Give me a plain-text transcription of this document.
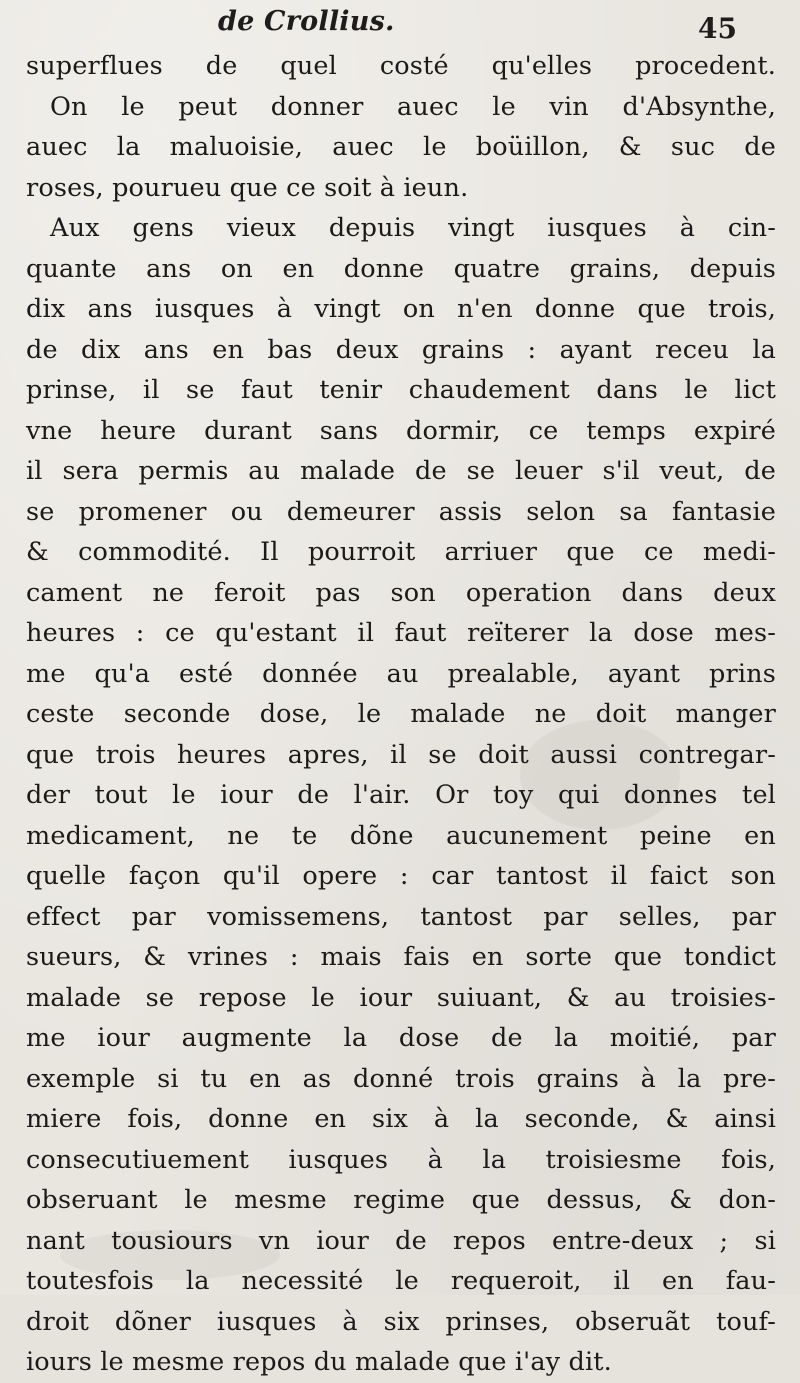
de Crollius.	45
superflues de quel costé qu'elles procedent.
On le peut donner auec le vin d'Absynthe,
auec la maluoisie, auec le boüillon, & suc de
roses, pourueu que ce soit à ieun.
Aux gens vieux depuis vingt iusques à cin-
quante ans on en donne quatre grains, depuis
dix ans iusques à vingt on n'en donne que trois,
de dix ans en bas deux grains : ayant receu la
prinse, il se faut tenir chaudement dans le lict
vne heure durant sans dormir, ce temps expiré
il sera permis au malade de se leuer s'il veut, de
se promener ou demeurer assis selon sa fantasie
& commodité. Il pourroit arriuer que ce medi-
cament ne feroit pas son operation dans deux
heures : ce qu'estant il faut reïterer la dose mes-
me qu'a esté donnée au prealable, ayant prins
ceste seconde dose, le malade ne doit manger
que trois heures apres, il se doit aussi contregar-
der tout le iour de l'air. Or toy qui donnes tel
medicament, ne te dõne aucunement peine en
quelle façon qu'il opere : car tantost il faict son
effect par vomissemens, tantost par selles, par
sueurs, & vrines : mais fais en sorte que tondict
malade se repose le iour suiuant, & au troisies-
me iour augmente la dose de la moitié, par
exemple si tu en as donné trois grains à la pre-
miere fois, donne en six à la seconde, & ainsi
consecutiuement iusques à la troisiesme fois,
obseruant le mesme regime que dessus, & don-
nant tousiours vn iour de repos entre-deux ; si
toutesfois la necessité le requeroit, il en fau-
droit dõner iusques à six prinses, obseruãt touf-
iours le mesme repos du malade que i'ay dit.
